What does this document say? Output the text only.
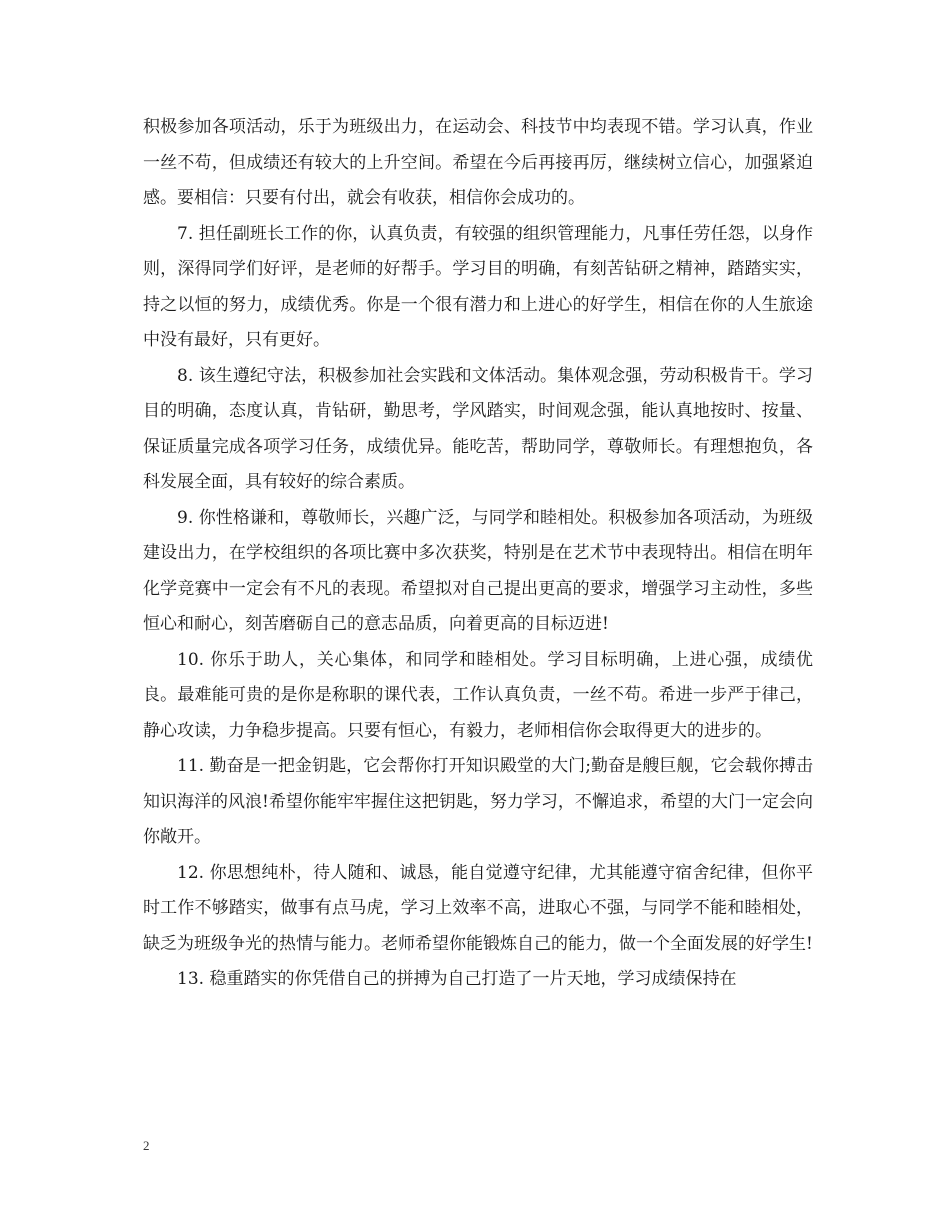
积极参加各项活动，乐于为班级出力，在运动会、科技节中均表现不错。学习认真，作业一丝不苟，但成绩还有较大的上升空间。希望在今后再接再厉，继续树立信心，加强紧迫感。要相信：只要有付出，就会有收获，相信你会成功的。

7. 担任副班长工作的你，认真负责，有较强的组织管理能力，凡事任劳任怨，以身作则，深得同学们好评，是老师的好帮手。学习目的明确，有刻苦钻研之精神，踏踏实实，持之以恒的努力，成绩优秀。你是一个很有潜力和上进心的好学生，相信在你的人生旅途中没有最好，只有更好。

8. 该生遵纪守法，积极参加社会实践和文体活动。集体观念强，劳动积极肯干。学习目的明确，态度认真，肯钻研，勤思考，学风踏实，时间观念强，能认真地按时、按量、保证质量完成各项学习任务，成绩优异。能吃苦，帮助同学，尊敬师长。有理想抱负，各科发展全面，具有较好的综合素质。

9. 你性格谦和，尊敬师长，兴趣广泛，与同学和睦相处。积极参加各项活动，为班级建设出力，在学校组织的各项比赛中多次获奖，特别是在艺术节中表现特出。相信在明年化学竞赛中一定会有不凡的表现。希望拟对自己提出更高的要求，增强学习主动性，多些恒心和耐心，刻苦磨砺自己的意志品质，向着更高的目标迈进!

10. 你乐于助人，关心集体，和同学和睦相处。学习目标明确，上进心强，成绩优良。最难能可贵的是你是称职的课代表，工作认真负责，一丝不苟。希进一步严于律己，静心攻读，力争稳步提高。只要有恒心，有毅力，老师相信你会取得更大的进步的。

11. 勤奋是一把金钥匙，它会帮你打开知识殿堂的大门;勤奋是艘巨舰，它会载你搏击知识海洋的风浪!希望你能牢牢握住这把钥匙，努力学习，不懈追求，希望的大门一定会向你敞开。

12. 你思想纯朴，待人随和、诚恳，能自觉遵守纪律，尤其能遵守宿舍纪律，但你平时工作不够踏实，做事有点马虎，学习上效率不高，进取心不强，与同学不能和睦相处，缺乏为班级争光的热情与能力。老师希望你能锻炼自己的能力，做一个全面发展的好学生!

13. 稳重踏实的你凭借自己的拼搏为自己打造了一片天地，学习成绩保持在

2
